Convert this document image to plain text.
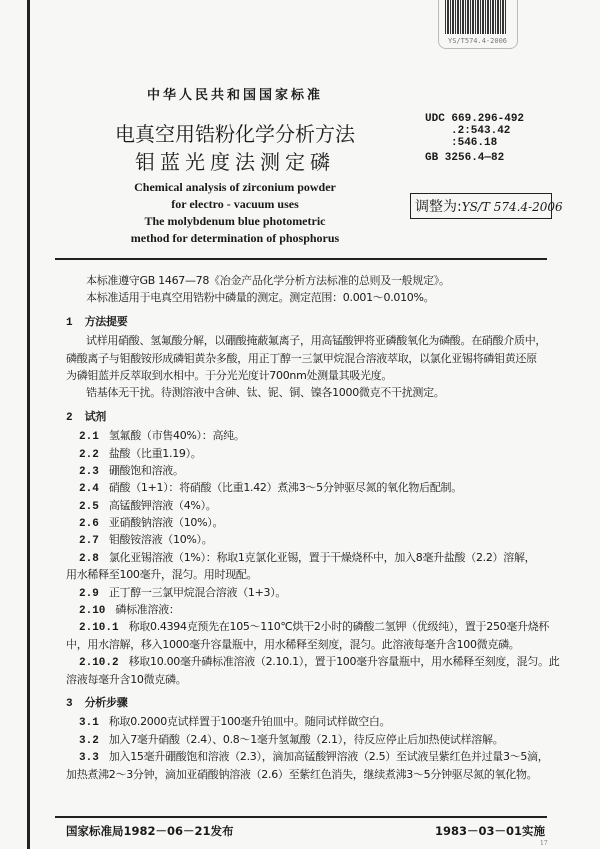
YS/T574.4-2006
中华人民共和国国家标准
电真空用锆粉化学分析方法
钼蓝光度法测定磷
Chemical analysis of zirconium powder
for electro - vacuum uses
The molybdenum blue photometric
method for determination of phosphorus
UDC 669.296-492
.2:543.42
:546.18
GB 3256.4—82
调整为:YS/T 574.4-2006
本标准遵守GB 1467—78《冶金产品化学分析方法标准的总则及一般规定》。
本标准适用于电真空用锆粉中磷量的测定。测定范围：0.001～0.010%。
1 方法提要
试样用硝酸、氢氟酸分解，以硼酸掩蔽氟离子，用高锰酸钾将亚磷酸氧化为磷酸。在硝酸介质中，
磷酸离子与钼酸铵形成磷钼黄杂多酸，用正丁醇一三氯甲烷混合溶液萃取，以氯化亚锡将磷钼黄还原
为磷钼蓝并反萃取到水相中。于分光光度计700nm处测量其吸光度。
锆基体无干扰。待测溶液中含砷、钛、铌、铜、镍各1000微克不干扰测定。
2 试剂
2.1 氢氟酸（市售40%）：高纯。
2.2 盐酸（比重1.19）。
2.3 硼酸饱和溶液。
2.4 硝酸（1+1）：将硝酸（比重1.42）煮沸3～5分钟驱尽氮的氧化物后配制。
2.5 高锰酸钾溶液（4%）。
2.6 亚硝酸钠溶液（10%）。
2.7 钼酸铵溶液（10%）。
2.8 氯化亚锡溶液（1%）：称取1克氯化亚锡，置于干燥烧杯中，加入8毫升盐酸（2.2）溶解，
用水稀释至100毫升，混匀。用时现配。
2.9 正丁醇一三氯甲烷混合溶液（1+3）。
2.10 磷标准溶液：
2.10.1 称取0.4394克预先在105～110℃烘干2小时的磷酸二氢钾（优级纯），置于250毫升烧杯
中，用水溶解，移入1000毫升容量瓶中，用水稀释至刻度，混匀。此溶液每毫升含100微克磷。
2.10.2 移取10.00毫升磷标准溶液（2.10.1），置于100毫升容量瓶中，用水稀释至刻度，混匀。此
溶液每毫升含10微克磷。
3 分析步骤
3.1 称取0.2000克试样置于100毫升铂皿中。随同试样做空白。
3.2 加入7毫升硝酸（2.4）、0.8～1毫升氢氟酸（2.1），待反应停止后加热使试样溶解。
3.3 加入15毫升硼酸饱和溶液（2.3），滴加高锰酸钾溶液（2.5）至试液呈紫红色并过量3～5滴，
加热煮沸2～3分钟，滴加亚硝酸钠溶液（2.6）至紫红色消失，继续煮沸3～5分钟驱尽氮的氧化物。
国家标准局1982－06－21发布	1983－03－01实施
17
